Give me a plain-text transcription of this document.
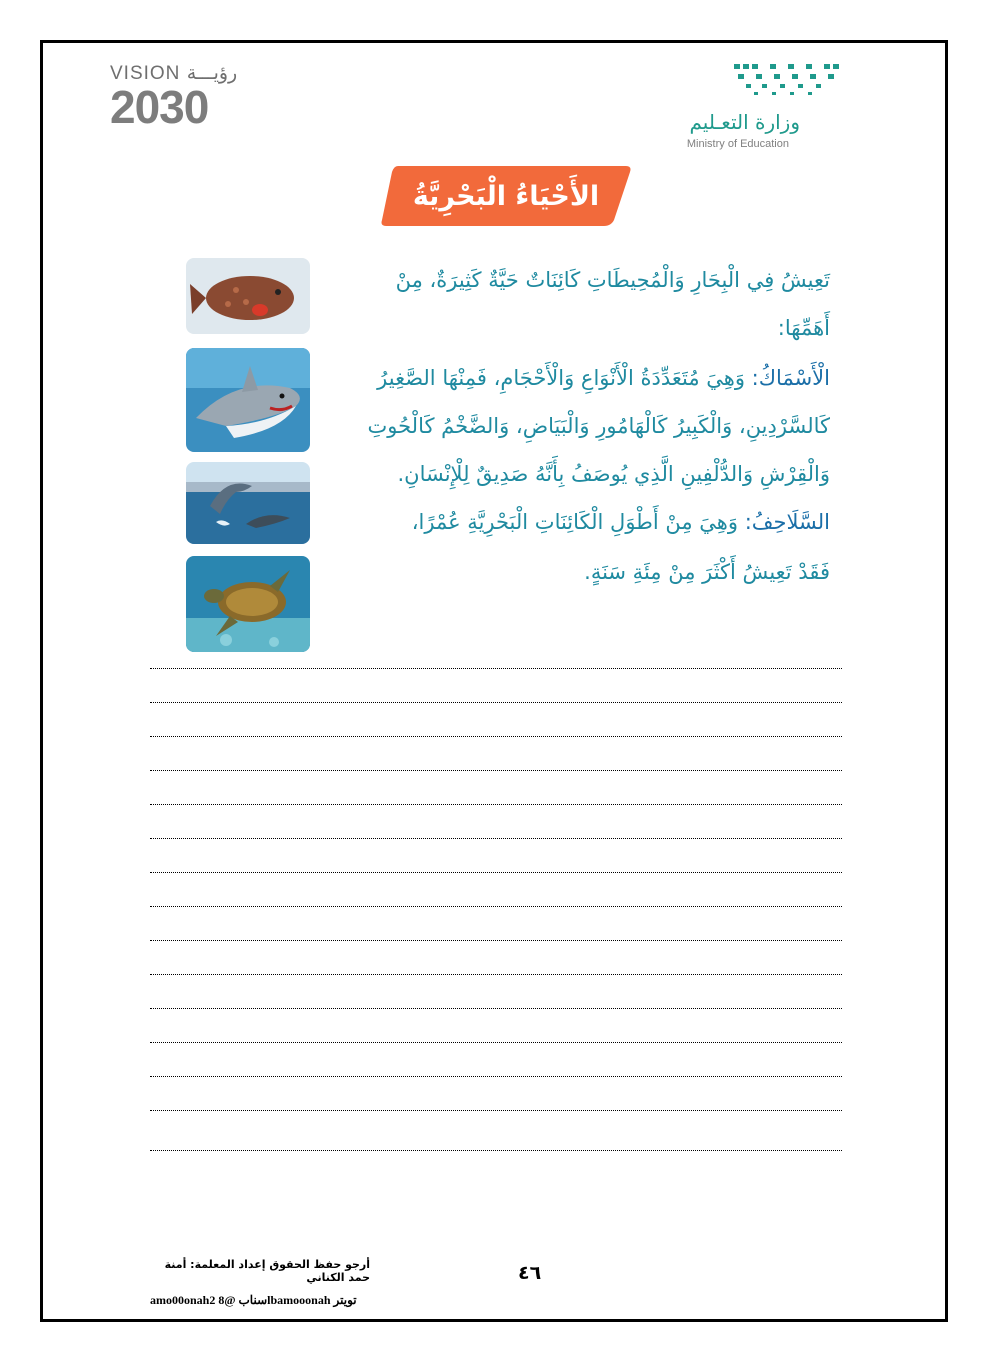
VISION رؤيـــة
2030	وزارة التعـليم
Ministry of Education
الأَحْيَاءُ الْبَحْرِيَّةُ
تَعِيشُ فِي الْبِحَارِ وَالْمُحِيطَاتِ كَائِنَاتٌ حَيَّةٌ كَثِيرَةٌ، مِنْ
أَهَمِّهَا:
الْأَسْمَاكُ: وَهِيَ مُتَعَدِّدَةُ الْأَنْوَاعِ وَالْأَحْجَامِ، فَمِنْهَا الصَّغِيرُ
كَالسَّرْدِينِ، وَالْكَبِيرُ كَالْهَامُورِ وَالْبَيَاضِ، وَالضَّخْمُ كَالْحُوتِ
وَالْقِرْشِ وَالدُّلْفِينِ الَّذِي يُوصَفُ بِأَنَّهُ صَدِيقٌ لِلْإِنْسَانِ.
السَّلَاحِفُ: وَهِيَ مِنْ أَطْوَلِ الْكَائِنَاتِ الْبَحْرِيَّةِ عُمْرًا،
فَقَدْ تَعِيشُ أَكْثَرَ مِنْ مِئَةِ سَنَةٍ.
أرجو حفظ الحقوق إعداد المعلمة: أمنة حمد الكناني	٤٦
amo00onah2 سناب @8lbamooonah تويتر
